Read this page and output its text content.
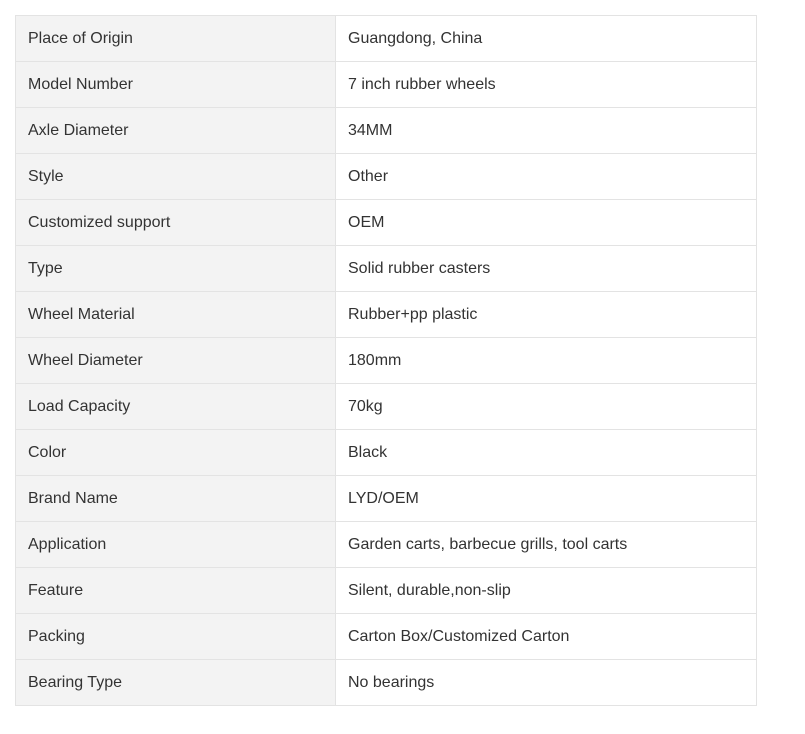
Place of Origin	Guangdong, China
Model Number	7 inch rubber wheels
Axle Diameter	34MM
Style	Other
Customized support	OEM
Type	Solid rubber casters
Wheel Material	Rubber+pp plastic
Wheel Diameter	180mm
Load Capacity	70kg
Color	Black
Brand Name	LYD/OEM
Application	Garden carts, barbecue grills, tool carts
Feature	Silent, durable,non-slip
Packing	Carton Box/Customized Carton
Bearing Type	No bearings
